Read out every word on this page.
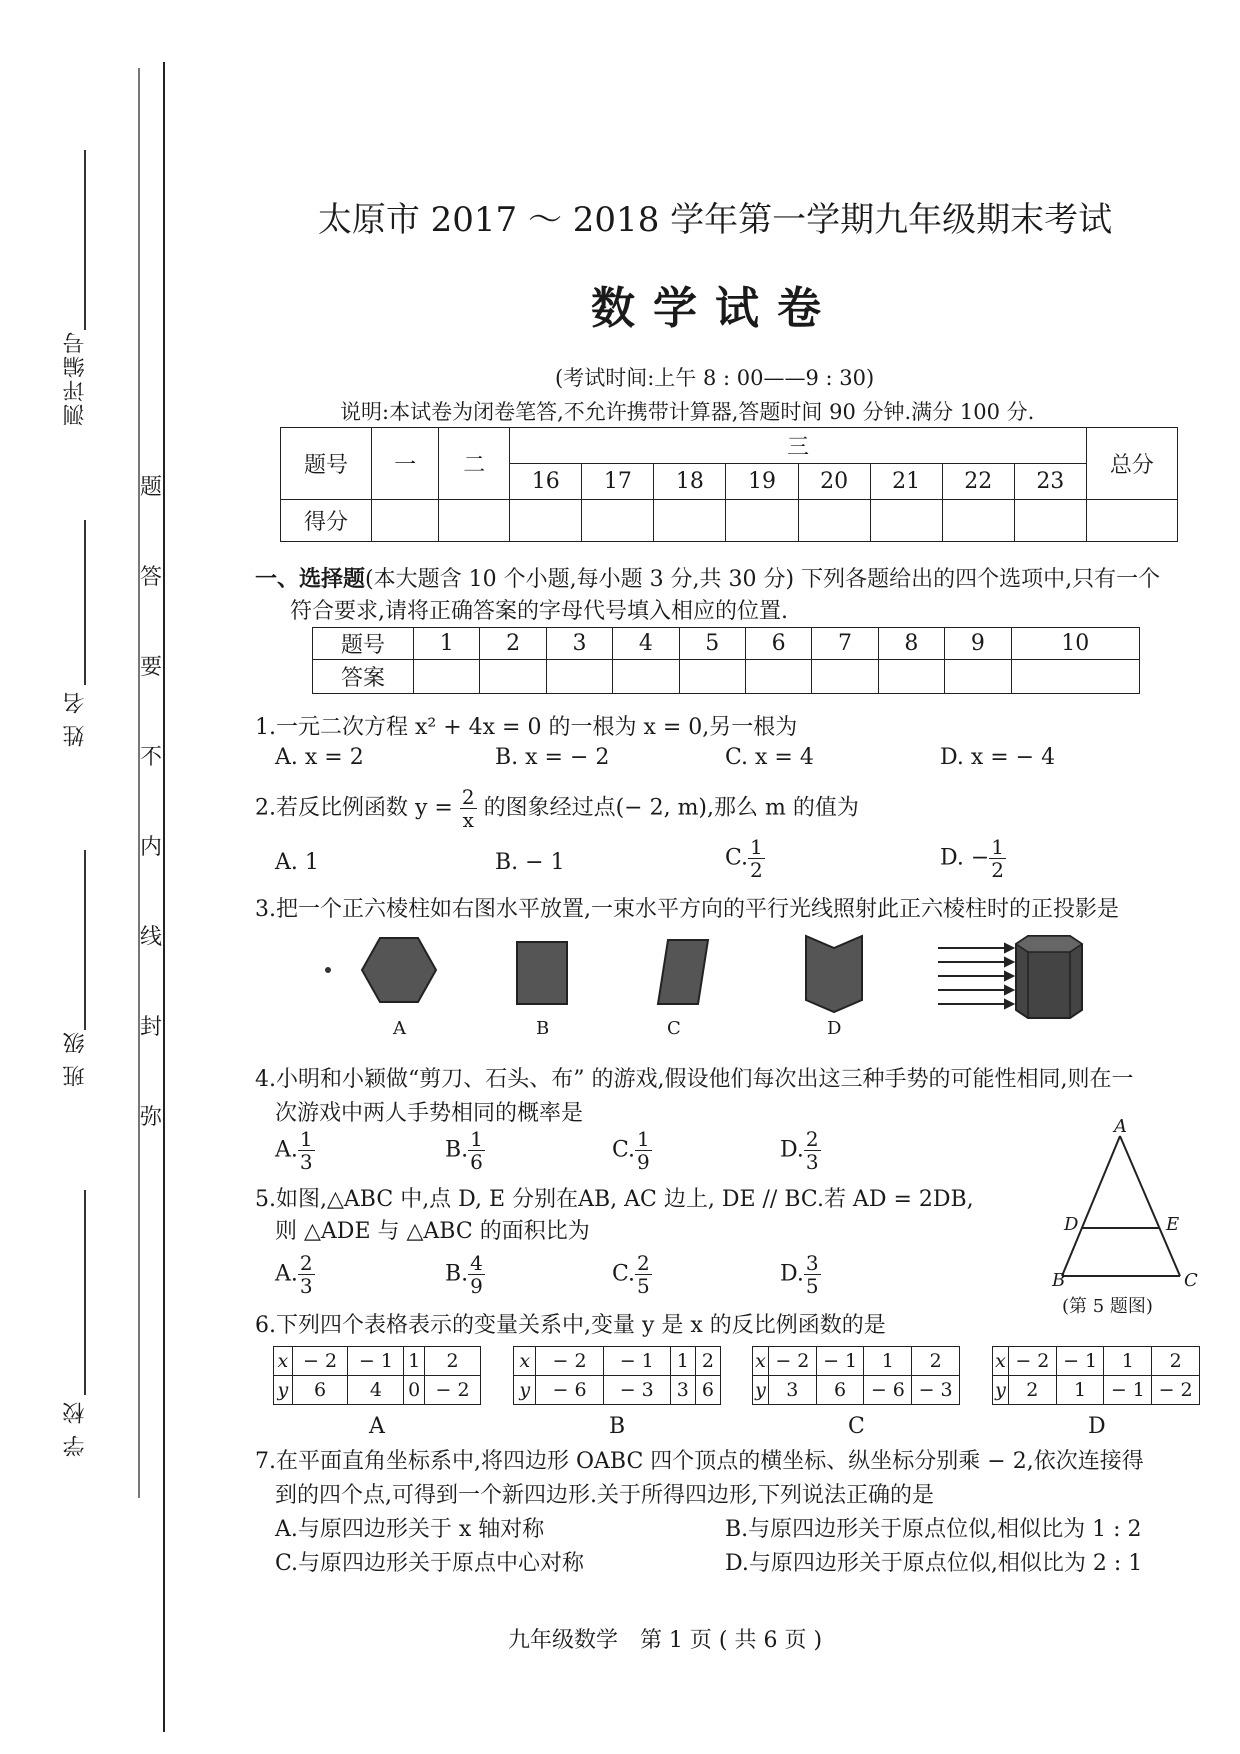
测评编号
姓 名
班 级
学 校
题
答
要
不
内
线
封
弥
太原市 2017 ～ 2018 学年第一学期九年级期末考试
数学试卷
(考试时间:上午 8 : 00——9 : 30)
说明:本试卷为闭卷笔答,不允许携带计算器,答题时间 90 分钟.满分 100 分.
题号	一	二	三								总分
			16	17	18	19	20	21	22	23	
得分											
一、选择题(本大题含 10 个小题,每小题 3 分,共 30 分) 下列各题给出的四个选项中,只有一个
符合要求,请将正确答案的字母代号填入相应的位置.
题号	1	2	3	4	5	6	7	8	9	10
答案										
1.一元二次方程 x² + 4x = 0 的一根为 x = 0,另一根为
A. x = 2	B. x = − 2	C. x = 4	D. x = − 4
2.若反比例函数 $y = \frac{2}{x}$ 的图象经过点(− 2, m),那么 m 的值为
A. 1	B. − 1	C. $\frac{1}{2}$	D. − $\frac{1}{2}$
3.把一个正六棱柱如右图水平放置,一束水平方向的平行光线照射此正六棱柱时的正投影是
A	B	C	D
4.小明和小颖做“剪刀、石头、布” 的游戏,假设他们每次出这三种手势的可能性相同,则在一
次游戏中两人手势相同的概率是
A. $\frac{1}{3}$	B. $\frac{1}{6}$	C. $\frac{1}{9}$	D. $\frac{2}{3}$
5.如图,△ABC 中,点 D, E 分别在AB, AC 边上, DE // BC.若 AD = 2DB,
则 △ADE 与 △ABC 的面积比为
A. $\frac{2}{3}$	B. $\frac{4}{9}$	C. $\frac{2}{5}$	D. $\frac{3}{5}$
A
D	E
B	C
(第 5 题图)
6.下列四个表格表示的变量关系中,变量 y 是 x 的反比例函数的是
x	− 2	− 1	1	2
y	6	4	0	− 2
A
x	− 2	− 1	1	2
y	− 6	− 3	3	6
B
x	− 2	− 1	1	2
y	3	6	− 6	− 3
C
x	− 2	− 1	1	2
y	2	1	− 1	− 2
D
7.在平面直角坐标系中,将四边形 OABC 四个顶点的横坐标、纵坐标分别乘 − 2,依次连接得
到的四个点,可得到一个新四边形.关于所得四边形,下列说法正确的是
A.与原四边形关于 x 轴对称	B.与原四边形关于原点位似,相似比为 1 : 2
C.与原四边形关于原点中心对称	D.与原四边形关于原点位似,相似比为 2 : 1
九年级数学　第 1 页 ( 共 6 页 )
